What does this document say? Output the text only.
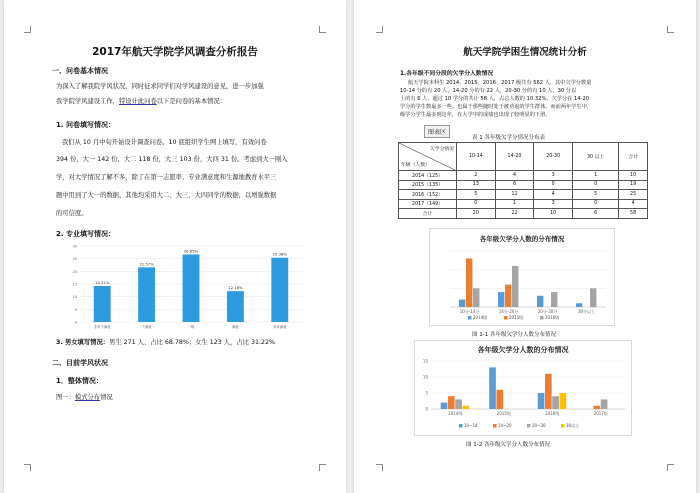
2017年航天学院学风调查分析报告
一、问卷基本情况
为深入了解我院学风状况，同时征求同学们对学风建设的意见，进一步加强
我学院学风建设工作，特设计此问卷以下是问卷的基本情况：
1. 问卷填写情况：
我们从 10 月中旬开始设计调查问卷。10 底组织学生网上填写，有效问卷
394 份，大一 142 份，大二 118 份，大三 103 份，大四 31 份。考虑到大一刚入
学，对大学情况了解不多，除了在第一志愿率、专业满意度和生源地教育水平三
题中用到了大一的数据，其他均采用大二、大三、大四同学的数据，以增强数据
的可信度。
2. 专业填写情况：
0
5
10
15
20
25
30
14.21%
非常不满意
21.57%
不满意
26.65%
一般
12.18%
满意
25.38%
非常满意
3. 男女填写情况：男生 271 人，占比 68.78%；女生 123 人，占比 31.22%
二、目前学风状况
1．整体情况：
图一：模式分布情况
航天学院学困生情况统计分析
1.各年级不同分段的欠学分人数情况
航天学院本科生 2014、2015、2016、2017 级共有 562 人，其中欠学分数量
10-14 分的有 20 人，14-20 分的有 22 人，20-30 分的有 10 人，30 分以
上的有 6 人，超过 10 学分的共计 58 人，占总人数的 10.32%。欠学分在 14-20
学分的学生数最多一些。也属于那些随时处于被劝退的学生群体。而前两年学生中，
级学分学生最多到这年，在大学中的成绩也出现了较明显的下滑。
图表区
表 1 各年级欠学分情况分布表
欠学分情况
年级（人数）	10-14	14-20	20-30	30 以上	合计
2014（125）	2	4	3	1	10
2015（135）	13	6	0	0	19
2016（152）	5	11	4	5	25
2017（149）	0	1	3	0	4
合计	20	22	10	6	58
各年级欠学分人数的分布情况
10分-14分	14分-20分	20分-30分	30分以上
2014级	2015级	2016级
图 1-1 各年级欠学分人数分布情况
各年级欠学分人数的分布情况
0
5
10
15
2014级	2015级	2016级	2017级
10~14	14~20	20~30	30以上
图 1-2 各年级欠学分人数分布情况
